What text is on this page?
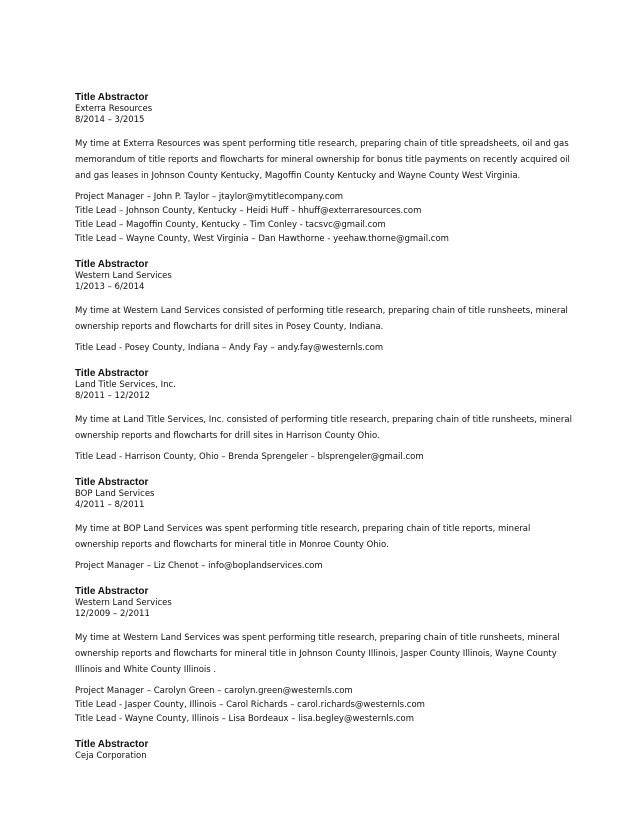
Title Abstractor
Exterra Resources
8/2014 – 3/2015
My time at Exterra Resources was spent performing title research, preparing chain of title spreadsheets, oil and gas memorandum of title reports and flowcharts for mineral ownership for bonus title payments on recently acquired oil and gas leases in Johnson County Kentucky, Magoffin County Kentucky and Wayne County West Virginia.
Project Manager – John P. Taylor – jtaylor@mytitlecompany.com
Title Lead – Johnson County, Kentucky – Heidi Huff – hhuff@exterraresources.com
Title Lead – Magoffin County, Kentucky – Tim Conley - tacsvc@gmail.com
Title Lead – Wayne County, West Virginia – Dan Hawthorne - yeehaw.thorne@gmail.com
Title Abstractor
Western Land Services
1/2013 – 6/2014
My time at Western Land Services consisted of performing title research, preparing chain of title runsheets, mineral ownership reports and flowcharts for drill sites in Posey County, Indiana.
Title Lead - Posey County, Indiana – Andy Fay – andy.fay@westernls.com
Title Abstractor
Land Title Services, Inc.
8/2011 – 12/2012
My time at Land Title Services, Inc. consisted of performing title research, preparing chain of title runsheets, mineral ownership reports and flowcharts for drill sites in Harrison County Ohio.
Title Lead - Harrison County, Ohio – Brenda Sprengeler – blsprengeler@gmail.com
Title Abstractor
BOP Land Services
4/2011 – 8/2011
My time at BOP Land Services was spent performing title research, preparing chain of title reports, mineral ownership reports and flowcharts for mineral title in Monroe County Ohio.
Project Manager – Liz Chenot – info@boplandservices.com
Title Abstractor
Western Land Services
12/2009 – 2/2011
My time at Western Land Services was spent performing title research, preparing chain of title runsheets, mineral ownership reports and flowcharts for mineral title in Johnson County Illinois, Jasper County Illinois, Wayne County Illinois and White County Illinois .
Project Manager – Carolyn Green – carolyn.green@westernls.com
Title Lead - Jasper County, Illinois – Carol Richards – carol.richards@westernls.com
Title Lead - Wayne County, Illinois – Lisa Bordeaux – lisa.begley@westernls.com
Title Abstractor
Ceja Corporation
